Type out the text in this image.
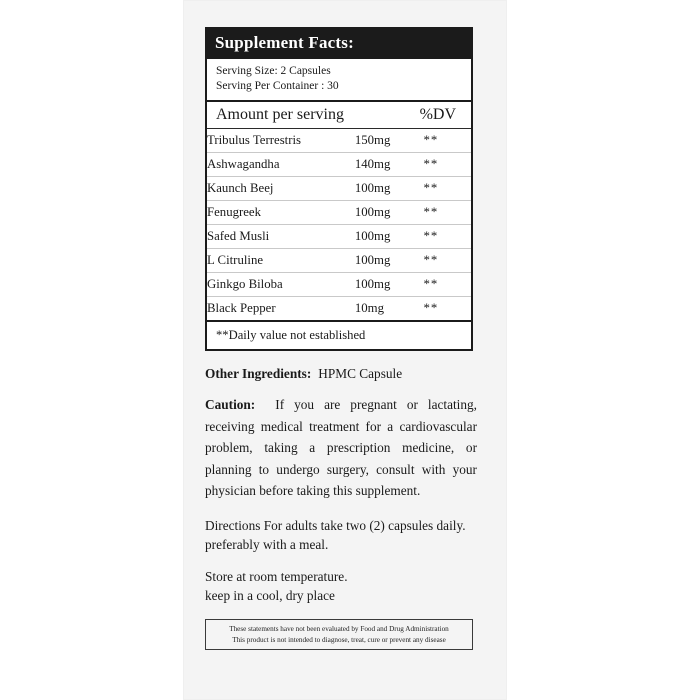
Supplement Facts:
Serving Size: 2 Capsules
Serving Per Container : 30
Amount per serving	%DV
Tribulus Terrestris	150mg	**
Ashwagandha	140mg	**
Kaunch Beej	100mg	**
Fenugreek	100mg	**
Safed Musli	100mg	**
L Citruline	100mg	**
Ginkgo Biloba	100mg	**
Black Pepper	10mg	**
**Daily value not established
Other Ingredients: HPMC Capsule
Caution: If you are pregnant or lactating, receiving medical treatment for a cardiovascular problem, taking a prescription medicine, or planning to undergo surgery, consult with your physician before taking this supplement.
Directions For adults take two (2) capsules daily. preferably with a meal.
Store at room temperature.
keep in a cool, dry place
These statements have not been evaluated by Food and Drug Administration
This product is not intended to diagnose, treat, cure or prevent any disease
